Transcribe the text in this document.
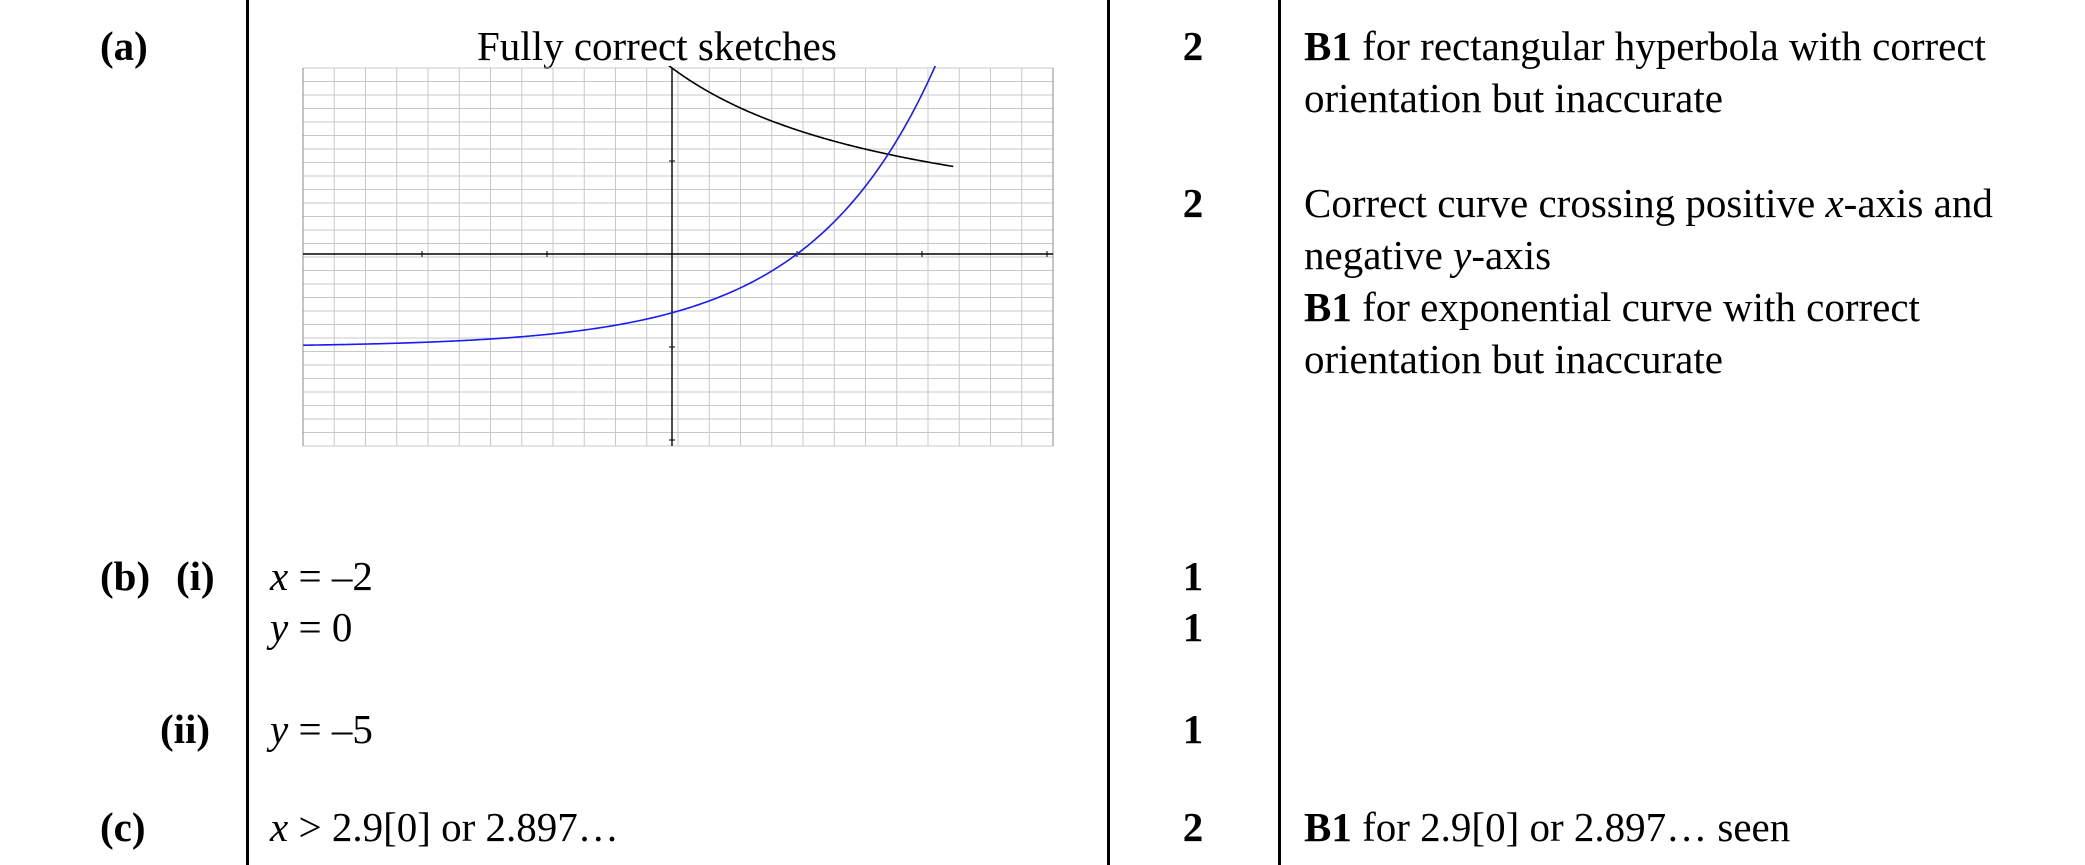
(a)
(b) (i)
(ii)
(c)
Fully correct sketches
x = –2
y = 0
y = –5
x > 2.9[0] or 2.897…
2
2
1
1
1
2
B1 for rectangular hyperbola with correct
orientation but inaccurate
Correct curve crossing positive x-axis and
negative y-axis
B1 for exponential curve with correct
orientation but inaccurate
B1 for 2.9[0] or 2.897… seen
